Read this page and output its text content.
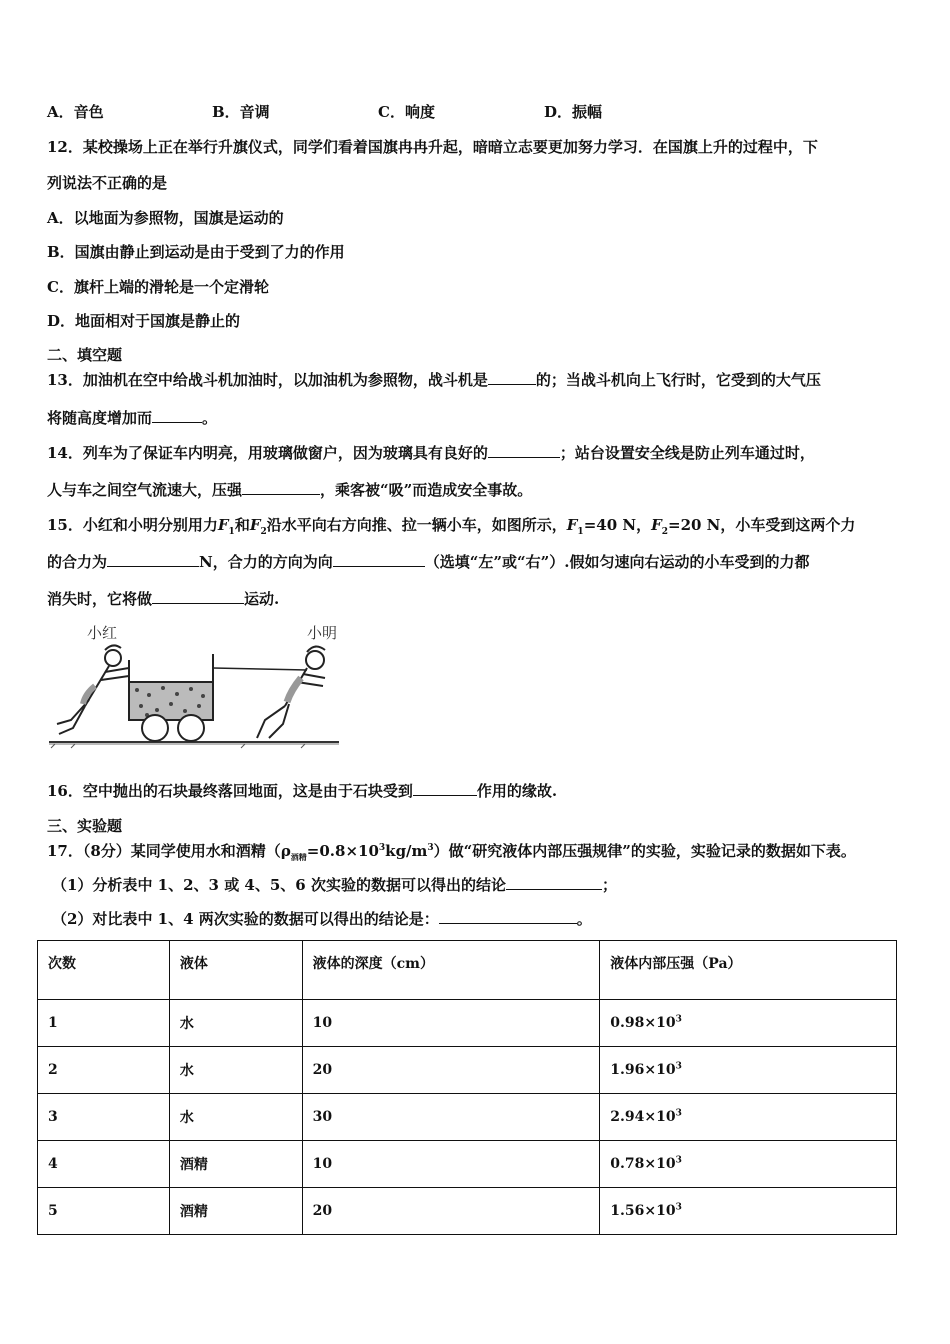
A．音色	B．音调	C．响度	D．振幅
12．某校操场上正在举行升旗仪式，同学们看着国旗冉冉升起，暗暗立志要更加努力学习．在国旗上升的过程中，下
列说法不正确的是
A．以地面为参照物，国旗是运动的
B．国旗由静止到运动是由于受到了力的作用
C．旗杆上端的滑轮是一个定滑轮
D．地面相对于国旗是静止的
二、填空题
13．加油机在空中给战斗机加油时，以加油机为参照物，战斗机是	的；当战斗机向上飞行时，它受到的大气压
将随高度增加而	。
14．列车为了保证车内明亮，用玻璃做窗户，因为玻璃具有良好的	；站台设置安全线是防止列车通过时，
人与车之间空气流速大，压强	，乘客被“吸”而造成安全事故。
15．小红和小明分别用力$F_1$和$F_2$沿水平向右方向推、拉一辆小车，如图所示，$F_1=40$ N，$F_2=20$ N，小车受到这两个力
的合力为	N，合力的方向为向	（选填“左”或“右”）.假如匀速向右运动的小车受到的力都
消失时，它将做	运动.
小红	小明
16．空中抛出的石块最终落回地面，这是由于石块受到	作用的缘故.
三、实验题
17．（8分）某同学使用水和酒精$(\rho_{酒精}=0.8\times 10^3kg/m^3)$做“研究液体内部压强规律”的实验，实验记录的数据如下表。
（1）分析表中 1、2、3 或 4、5、6 次实验的数据可以得出的结论	；
（2）对比表中 1、4 两次实验的数据可以得出的结论是：	。
次数	液体	液体的深度（cm）	液体内部压强（Pa）
1	水	10	$0.98\times 10^3$
2	水	20	$1.96\times 10^3$
3	水	30	$2.94\times 10^3$
4	酒精	10	$0.78\times 10^3$
5	酒精	20	$1.56\times 10^3$
